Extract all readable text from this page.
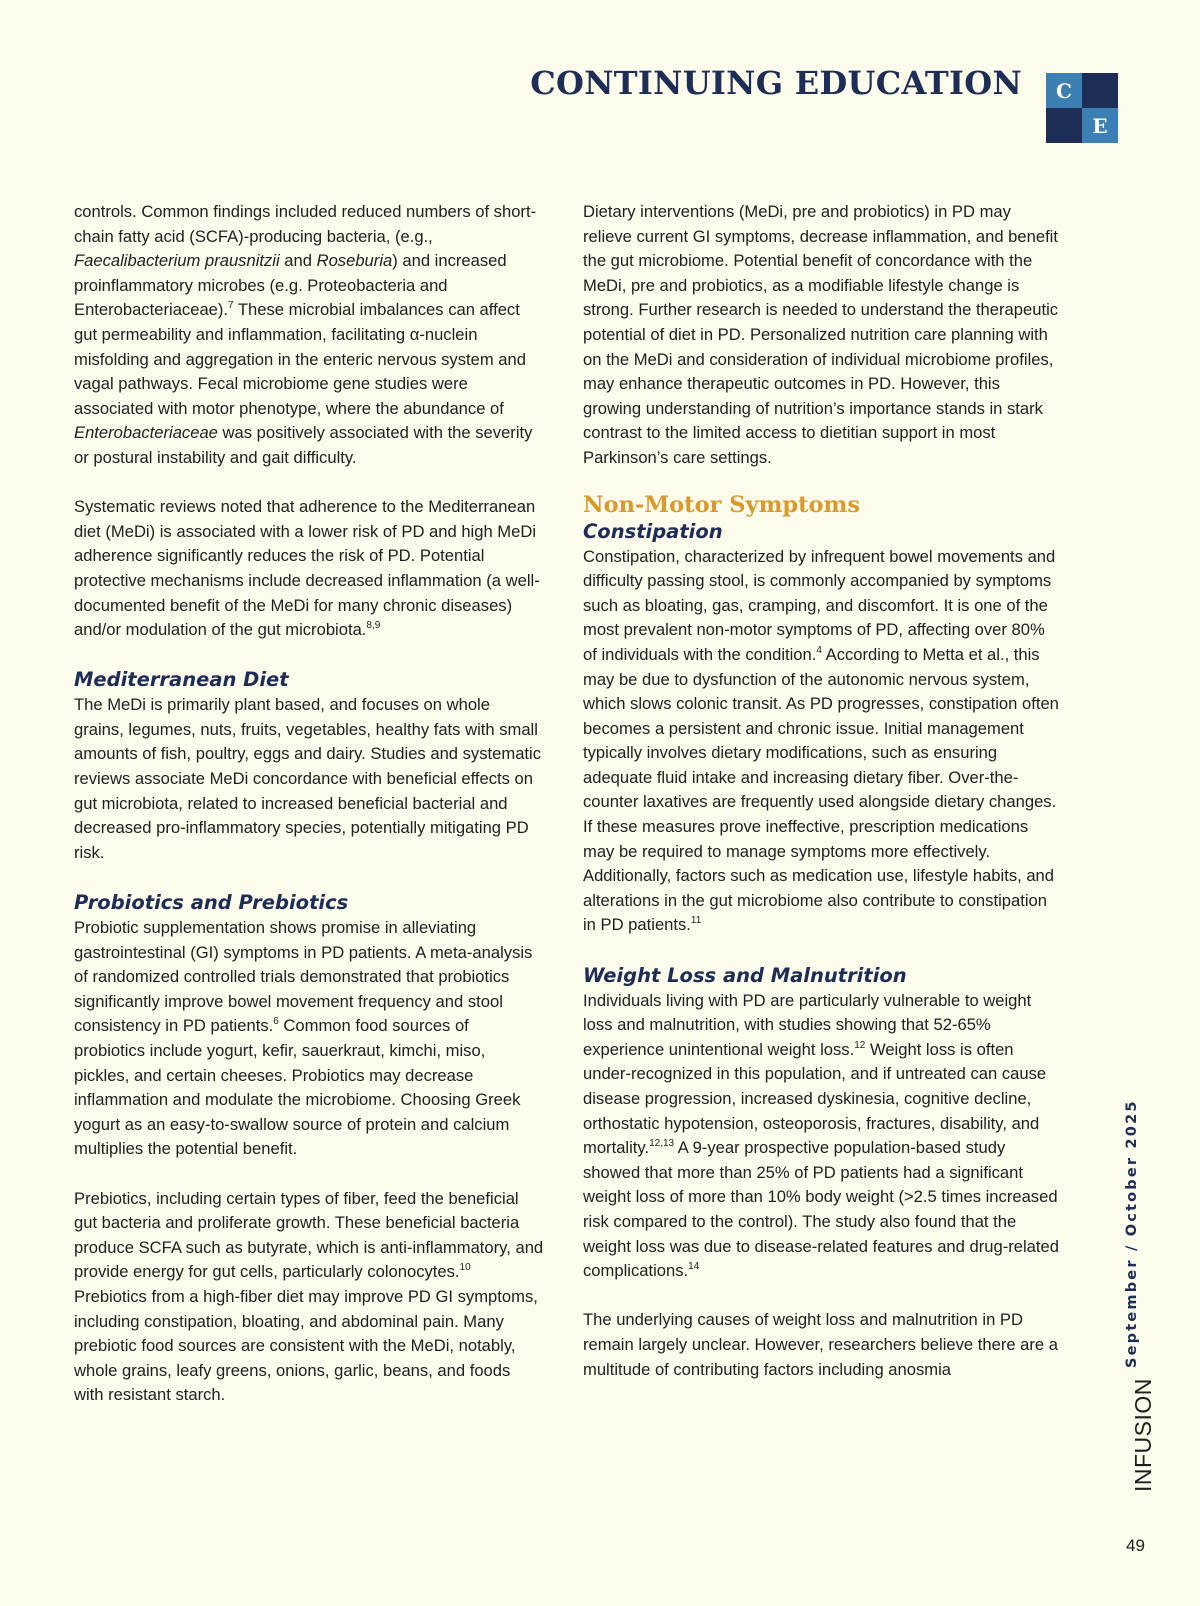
CONTINUING EDUCATION	C
E

controls. Common findings included reduced numbers of short-chain fatty acid (SCFA)-producing bacteria, (e.g., Faecalibacterium prausnitzii and Roseburia) and increased proinflammatory microbes (e.g. Proteobacteria and Enterobacteriaceae).$^7$ These microbial imbalances can affect gut permeability and inflammation, facilitating α-nuclein misfolding and aggregation in the enteric nervous system and vagal pathways. Fecal microbiome gene studies were associated with motor phenotype, where the abundance of Enterobacteriaceae was positively associated with the severity or postural instability and gait difficulty.

Systematic reviews noted that adherence to the Mediterranean diet (MeDi) is associated with a lower risk of PD and high MeDi adherence significantly reduces the risk of PD. Potential protective mechanisms include decreased inflammation (a well-documented benefit of the MeDi for many chronic diseases) and/or modulation of the gut microbiota.$^{8,9}$

Mediterranean Diet

The MeDi is primarily plant based, and focuses on whole grains, legumes, nuts, fruits, vegetables, healthy fats with small amounts of fish, poultry, eggs and dairy. Studies and systematic reviews associate MeDi concordance with beneficial effects on gut microbiota, related to increased beneficial bacterial and decreased pro-inflammatory species, potentially mitigating PD risk.

Probiotics and Prebiotics

Probiotic supplementation shows promise in alleviating gastrointestinal (GI) symptoms in PD patients. A meta-analysis of randomized controlled trials demonstrated that probiotics significantly improve bowel movement frequency and stool consistency in PD patients.$^6$ Common food sources of probiotics include yogurt, kefir, sauerkraut, kimchi, miso, pickles, and certain cheeses. Probiotics may decrease inflammation and modulate the microbiome. Choosing Greek yogurt as an easy-to-swallow source of protein and calcium multiplies the potential benefit.

Prebiotics, including certain types of fiber, feed the beneficial gut bacteria and proliferate growth. These beneficial bacteria produce SCFA such as butyrate, which is anti-inflammatory, and provide energy for gut cells, particularly colonocytes.$^{10}$ Prebiotics from a high-fiber diet may improve PD GI symptoms, including constipation, bloating, and abdominal pain. Many prebiotic food sources are consistent with the MeDi, notably, whole grains, leafy greens, onions, garlic, beans, and foods with resistant starch.

Dietary interventions (MeDi, pre and probiotics) in PD may relieve current GI symptoms, decrease inflammation, and benefit the gut microbiome. Potential benefit of concordance with the MeDi, pre and probiotics, as a modifiable lifestyle change is strong. Further research is needed to understand the therapeutic potential of diet in PD. Personalized nutrition care planning with on the MeDi and consideration of individual microbiome profiles, may enhance therapeutic outcomes in PD. However, this growing understanding of nutrition’s importance stands in stark contrast to the limited access to dietitian support in most Parkinson’s care settings.

Non-Motor Symptoms
Constipation

Constipation, characterized by infrequent bowel movements and difficulty passing stool, is commonly accompanied by symptoms such as bloating, gas, cramping, and discomfort. It is one of the most prevalent non-motor symptoms of PD, affecting over 80% of individuals with the condition.$^4$ According to Metta et al., this may be due to dysfunction of the autonomic nervous system, which slows colonic transit. As PD progresses, constipation often becomes a persistent and chronic issue. Initial management typically involves dietary modifications, such as ensuring adequate fluid intake and increasing dietary fiber. Over-the-counter laxatives are frequently used alongside dietary changes. If these measures prove ineffective, prescription medications may be required to manage symptoms more effectively. Additionally, factors such as medication use, lifestyle habits, and alterations in the gut microbiome also contribute to constipation in PD patients.$^{11}$

Weight Loss and Malnutrition

Individuals living with PD are particularly vulnerable to weight loss and malnutrition, with studies showing that 52-65% experience unintentional weight loss.$^{12}$ Weight loss is often under-recognized in this population, and if untreated can cause disease progression, increased dyskinesia, cognitive decline, orthostatic hypotension, osteoporosis, fractures, disability, and mortality.$^{12,13}$ A 9-year prospective population-based study showed that more than 25% of PD patients had a significant weight loss of more than 10% body weight (>2.5 times increased risk compared to the control). The study also found that the weight loss was due to disease-related features and drug-related complications.$^{14}$

The underlying causes of weight loss and malnutrition in PD remain largely unclear. However, researchers believe there are a multitude of contributing factors including anosmia

September / October 2025
INFUSION
49
